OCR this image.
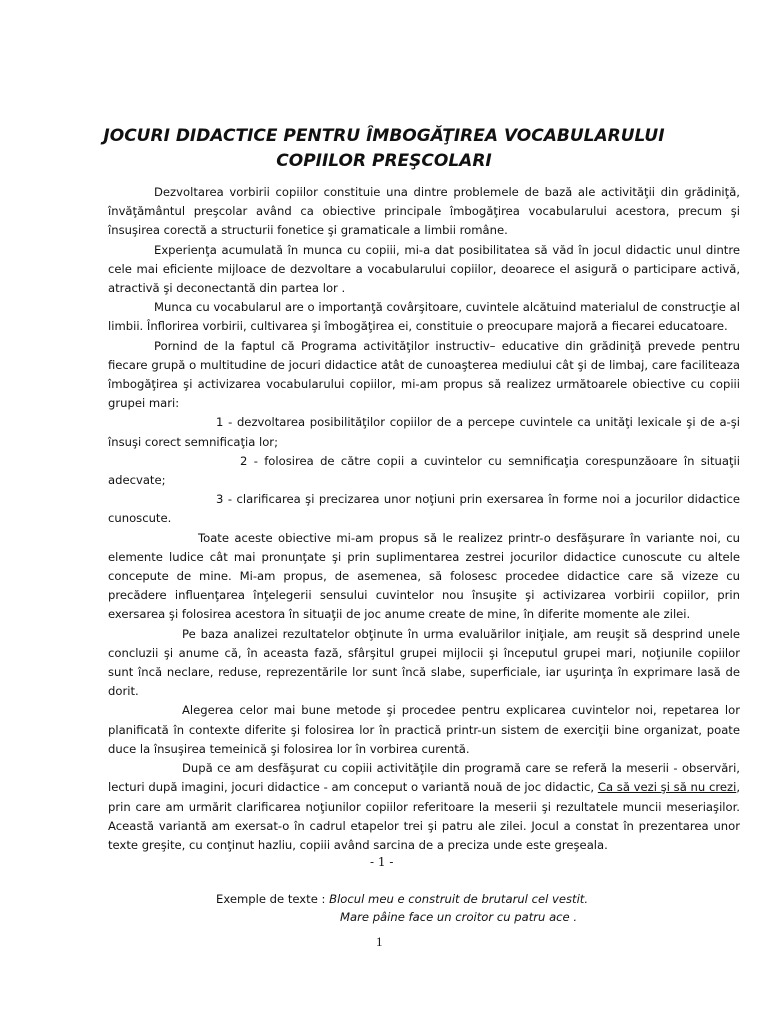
JOCURI DIDACTICE PENTRU ÎMBOGĂŢIREA VOCABULARULUI
COPIILOR PREŞCOLARI

Dezvoltarea vorbirii copiilor constituie una dintre problemele de bază ale activităţii din grădiniţă, învăţământul preşcolar având ca obiective principale îmbogăţirea vocabularului acestora, precum şi însuşirea corectă a structurii fonetice şi gramaticale a limbii române.

Experienţa acumulată în munca cu copiii, mi-a dat posibilitatea să văd în jocul didactic unul dintre cele mai eficiente mijloace de dezvoltare a vocabularului copiilor, deoarece el asigură o participare activă, atractivă şi deconectantă din partea lor .

Munca cu vocabularul are o importanţă covârşitoare, cuvintele alcătuind materialul de construcţie al limbii. Înflorirea vorbirii, cultivarea şi îmbogăţirea ei, constituie o preocupare majoră a fiecarei educatoare.

Pornind de la faptul că Programa activităţilor instructiv– educative din grădiniţă prevede pentru fiecare grupă o multitudine de jocuri didactice atât de cunoaşterea mediului cât şi de limbaj, care faciliteaza îmbogăţirea şi activizarea vocabularului copiilor, mi-am propus să realizez următoarele obiective cu copiii grupei mari:

1 - dezvoltarea posibilităţilor copiilor de a percepe cuvintele ca unităţi lexicale şi de a-şi însuşi corect semnificaţia lor;

2 - folosirea de către copii a cuvintelor cu semnificaţia corespunzăoare în situaţii adecvate;

3 - clarificarea şi precizarea unor noţiuni prin exersarea în forme noi a jocurilor didactice cunoscute.

Toate aceste obiective mi-am propus să le realizez printr-o desfăşurare în variante noi, cu elemente ludice cât mai pronunţate şi prin suplimentarea zestrei jocurilor didactice cunoscute cu altele concepute de mine. Mi-am propus, de asemenea, să folosesc procedee didactice care să vizeze cu precădere influenţarea înţelegerii sensului cuvintelor nou însuşite şi activizarea vorbirii copiilor, prin exersarea şi folosirea acestora în situaţii de joc anume create de mine, în diferite momente ale zilei.

Pe baza analizei rezultatelor obţinute în urma evaluărilor iniţiale, am reuşit să desprind unele concluzii şi anume că, în aceasta fază, sfârşitul grupei mijlocii şi începutul grupei mari, noţiunile copiilor sunt încă neclare, reduse, reprezentările lor sunt încă slabe, superficiale, iar uşurinţa în exprimare lasă de dorit.

Alegerea celor mai bune metode şi procedee pentru explicarea cuvintelor noi, repetarea lor planificată în contexte diferite şi folosirea lor în practică printr-un sistem de exerciţii bine organizat, poate duce la însuşirea temeinică şi folosirea lor în vorbirea curentă.

După ce am desfăşurat cu copiii activităţile din programă care se referă la meserii - observări, lecturi după imagini, jocuri didactice - am conceput o variantă nouă de joc didactic, Ca să vezi şi să nu crezi, prin care am urmărit clarificarea noţiunilor copiilor referitoare la meserii şi rezultatele muncii meseriaşilor. Această variantă am exersat-o în cadrul etapelor trei şi patru ale zilei. Jocul a constat în prezentarea unor texte greşite, cu conţinut hazliu, copiii având sarcina de a preciza unde este greşeala.

- 1 -
Exemple de texte : Blocul meu e construit de brutarul cel vestit.
Mare pâine face un croitor cu patru ace .
1
